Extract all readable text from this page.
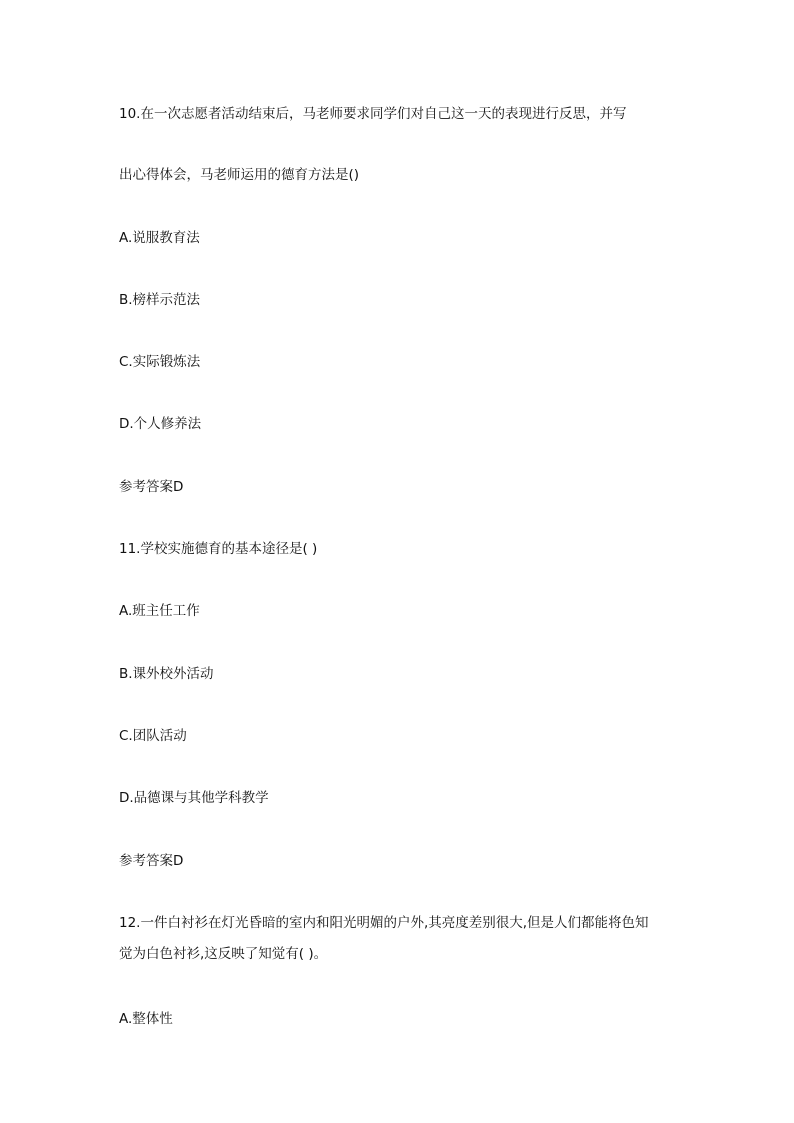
10.在一次志愿者活动结束后，马老师要求同学们对自己这一天的表现进行反思，并写
出心得体会，马老师运用的德育方法是()
A.说服教育法
B.榜样示范法
C.实际锻炼法
D.个人修养法
参考答案D
11.学校实施德育的基本途径是( )
A.班主任工作
B.课外校外活动
C.团队活动
D.品德课与其他学科教学
参考答案D
12.一件白衬衫在灯光昏暗的室内和阳光明媚的户外,其亮度差别很大,但是人们都能将色知
觉为白色衬衫,这反映了知觉有( )。
A.整体性
